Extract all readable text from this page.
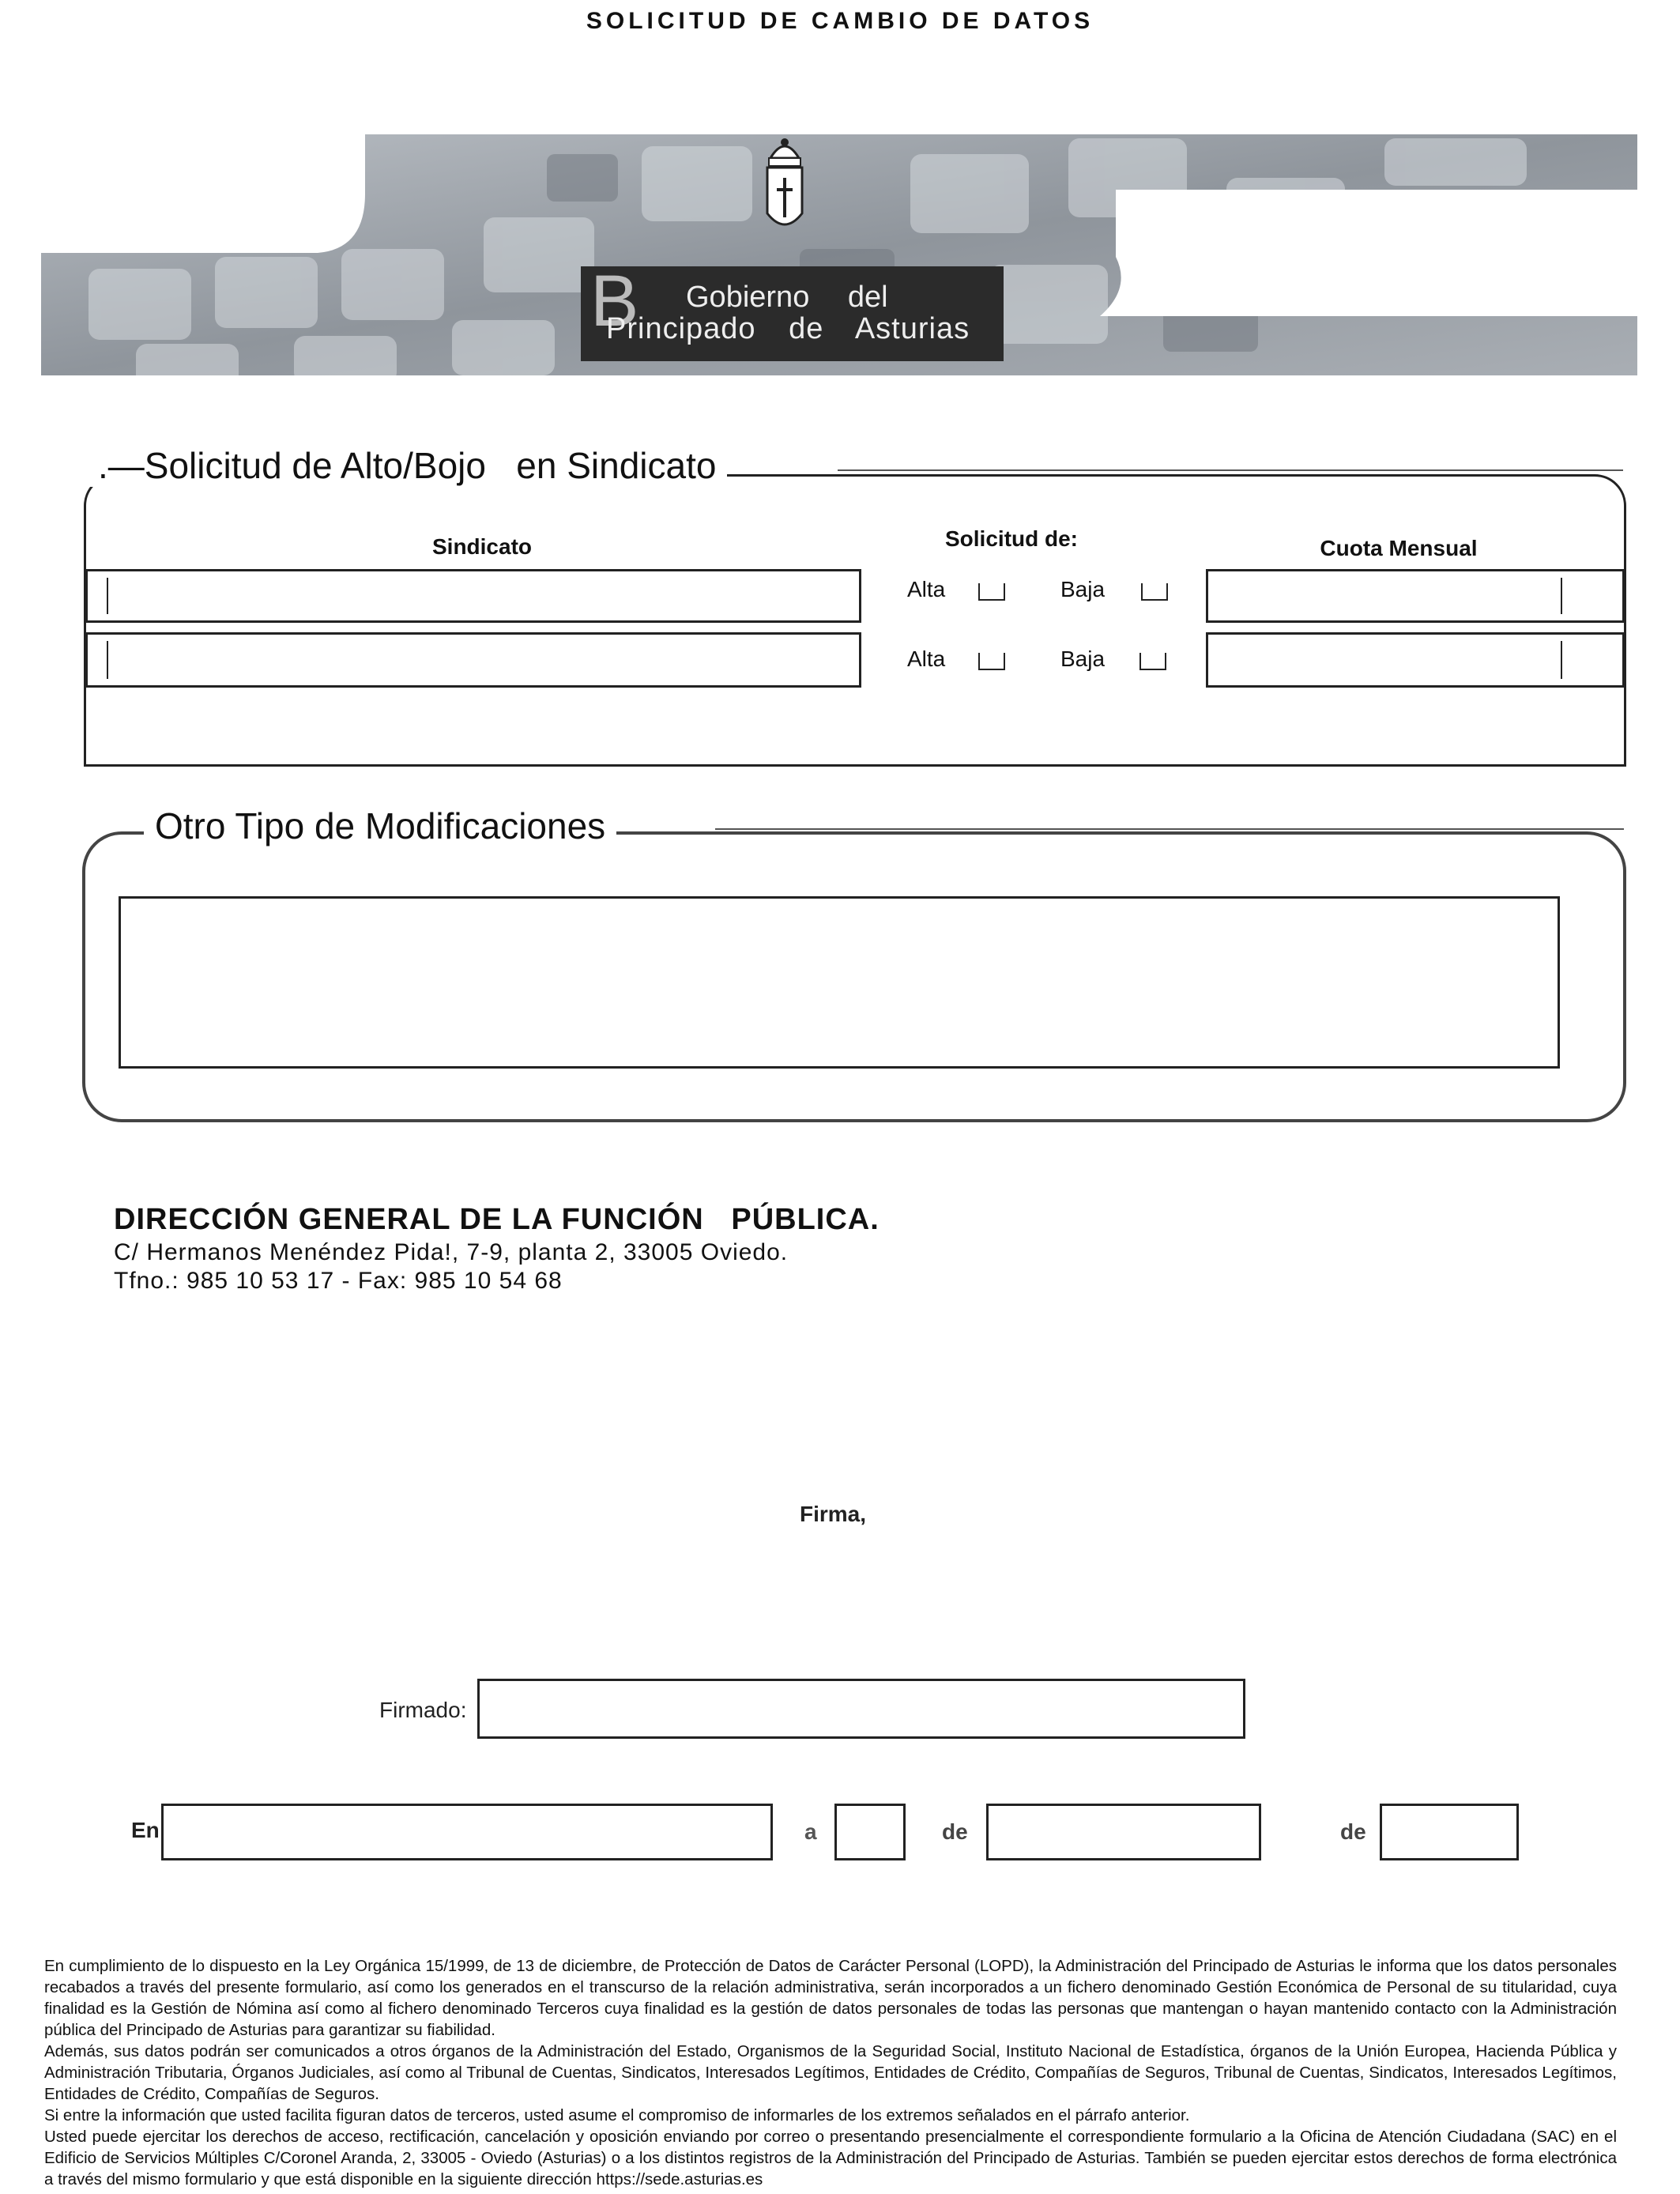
SOLICITUD DE CAMBIO DE DATOS
B Gobierno del
Principado de Asturias
.—Solicitud de Alto/Bojo   en Sindicato
Sindicato	Solicitud de:	Cuota Mensual
Alta	Baja
Alta	Baja
Otro Tipo de Modificaciones
DIRECCIÓN GENERAL DE LA FUNCIÓN   PÚBLICA.
C/ Hermanos Menéndez Pida!, 7-9, planta 2, 33005 Oviedo.
Tfno.: 985 10 53 17 - Fax: 985 10 54 68
Firma,
Firmado:
En	a	de	de

En cumplimiento de lo dispuesto en la Ley Orgánica 15/1999, de 13 de diciembre, de Protección de Datos de Carácter Personal (LOPD), la Administración del Principado de Asturias le informa que los datos personales recabados a través del presente formulario, así como los generados en el transcurso de la relación administrativa, serán incorporados a un fichero denominado Gestión Económica de Personal de su titularidad, cuya finalidad es la Gestión de Nómina así como al fichero denominado Terceros cuya finalidad es la gestión de datos personales de todas las personas que mantengan o hayan mantenido contacto con la Administración pública del Principado de Asturias para garantizar su fiabilidad.

Además, sus datos podrán ser comunicados a otros órganos de la Administración del Estado, Organismos de la Seguridad Social, Instituto Nacional de Estadística, órganos de la Unión Europea, Hacienda Pública y Administración Tributaria, Órganos Judiciales, así como al Tribunal de Cuentas, Sindicatos, Interesados Legítimos, Entidades de Crédito, Compañías de Seguros, Tribunal de Cuentas, Sindicatos, Interesados Legítimos, Entidades de Crédito, Compañías de Seguros.

Si entre la información que usted facilita figuran datos de terceros, usted asume el compromiso de informarles de los extremos señalados en el párrafo anterior.

Usted puede ejercitar los derechos de acceso, rectificación, cancelación y oposición enviando por correo o presentando presencialmente el correspondiente formulario a la Oficina de Atención Ciudadana (SAC) en el Edificio de Servicios Múltiples C/Coronel Aranda, 2, 33005 - Oviedo (Asturias) o a los distintos registros de la Administración del Principado de Asturias. También se pueden ejercitar estos derechos de forma electrónica a través del mismo formulario y que está disponible en la siguiente dirección https://sede.asturias.es
